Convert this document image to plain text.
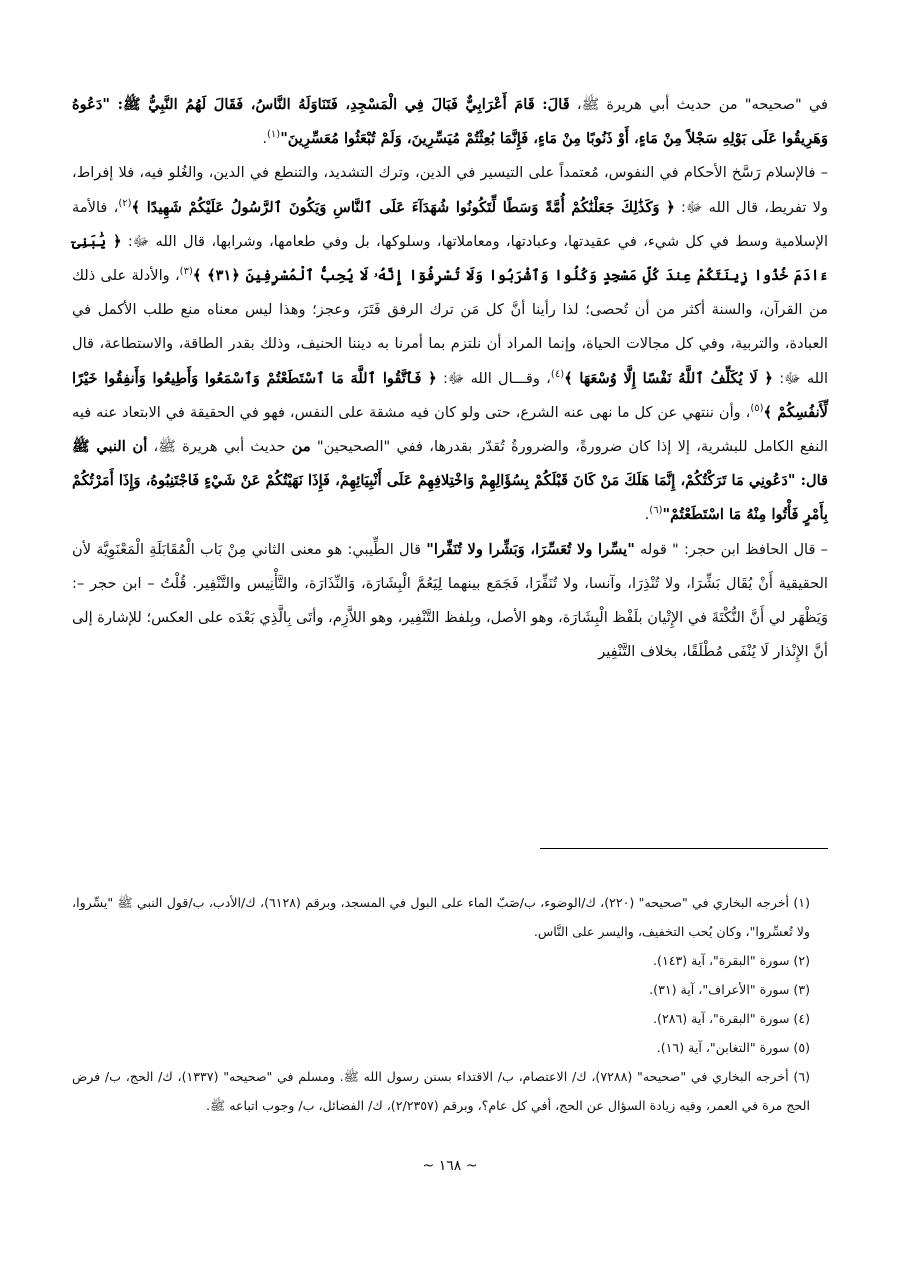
في "صحيحه" من حديث أبي هريرة ﷺ، قَالَ: قَامَ أَعْرَابِيٌّ فَبَالَ فِي الْمَسْجِدِ، فَتَنَاوَلَهُ النَّاسُ، فَقَالَ لَهُمُ النَّبِيُّ ﷺ: "دَعُوهُ وَهَرِيقُوا عَلَى بَوْلِهِ سَجْلاً مِنْ مَاءٍ، أَوْ ذَنُوبًا مِنْ مَاءٍ، فَإِنَّمَا بُعِثْتُمْ مُيَسِّرِينَ، وَلَمْ تُبْعَثُوا مُعَسِّرِينَ"$^{(١)}$.

– فالإسلام رَسَّخ الأحكام في النفوس، مُعتمداً على التيسير في الدين، وترك التشديد، والتنطع في الدين، والغُلو فيه، فلا إفراط، ولا تفريط، قال الله ﷻ: ﴿ وَكَذَٰلِكَ جَعَلْنَٰكُمْ أُمَّةً وَسَطًا لِّتَكُونُوا شُهَدَآءَ عَلَى ٱلنَّاسِ وَيَكُونَ ٱلرَّسُولُ عَلَيْكُمْ شَهِيدًا ﴾$^{(٢)}$، فالأمة الإسلامية وسط في كل شيء، في عقيدتها، وعبادتها، ومعاملاتها، وسلوكها، بل وفي طعامها، وشرابها، قال الله ﷻ: ﴿ يَٰبَنِىٓ ءَادَمَ خُذُوا زِينَتَكُمْ عِندَ كُلِّ مَسْجِدٍ وَكُلُوا وَٱشْرَبُوا وَلَا تُسْرِفُوٓا إِنَّهُۥ لَا يُحِبُّ ٱلْمُسْرِفِينَ ﴿٣١﴾ ﴾$^{(٣)}$، والأدلة على ذلك من القرآن، والسنة أكثر من أن تُحصى؛ لذا رأينا أنَّ كل مَن ترك الرفق فَتَرَ، وعجز؛ وهذا ليس معناه منع طلب الأكمل في العبادة، والتربية، وفي كل مجالات الحياة، وإنما المراد أن نلتزم بما أمرنا به ديننا الحنيف، وذلك بقدر الطاقة، والاستطاعة، قال الله ﷻ: ﴿ لَا يُكَلِّفُ ٱللَّهُ نَفْسًا إِلَّا وُسْعَهَا ﴾$^{(٤)}$، وقـــال الله ﷻ: ﴿ فَٱتَّقُوا ٱللَّهَ مَا ٱسْتَطَعْتُمْ وَٱسْمَعُوا وَأَطِيعُوا وَأَنفِقُوا خَيْرًا لِّأَنفُسِكُمْ ﴾$^{(٥)}$، وأن ننتهي عن كل ما نهى عنه الشرع، حتى ولو كان فيه مشقة على النفس، فهو في الحقيقة في الابتعاد عنه فيه النفع الكامل للبشرية، إلا إذا كان ضرورةً، والضرورةُ تُقدّر بقدرها، ففي "الصحيحين" من حديث أبي هريرة ﷺ، أن النبي ﷺ قال: "دَعُونِي مَا تَرَكْتُكُمْ، إِنَّمَا هَلَكَ مَنْ كَانَ قَبْلَكُمْ بِسُؤَالِهِمْ وَاخْتِلافِهِمْ عَلَى أَنْبِيَائِهِمْ، فَإِذَا نَهَيْتُكُمْ عَنْ شَيْءٍ فَاجْتَنِبُوهُ، وَإِذَا أَمَرْتُكُمْ بِأَمْرٍ فَأْتُوا مِنْهُ مَا اسْتَطَعْتُمْ"$^{(٦)}$.

– قال الحافظ ابن حجر: " قوله "يسِّرا ولا تُعَسِّرَا، وَبَشِّرا ولا تُنَفِّرا" قال الطِّيبي: هو معنى الثاني مِنْ بَاب الْمُقَابَلَةِ الْمَعْنَوِيَّة لأن الحقيقية أَنْ يُقَال بَشِّرَا، ولا تُنْذِرَا، وآنسا، ولا تُنَفِّرَا، فَجَمَع بينهما لِيَعُمَّ الْبِشَارَة، وَالنِّذَارَة، والتَّأْنِيس والتَّنْفِير. قُلْتُ – ابن حجر –: وَيَظْهَر لي أَنَّ النُّكْتَةَ في الإِتْيان بلَفْظ الْبِشَارَة، وهو الأصل، وبِلفظ التَّنْفِير، وهو اللاَّزِم، وأتَى بِالَّذِي بَعْدَه على العكس؛ للإشارة إلى أنَّ الإِنْذار لَا يُنْفَى مُطْلَقًا، بخلاف التَّنْفِير

(١) أخرجه البخاري في "صحيحه" (٢٢٠)، ك/الوضوء، ب/صَبّ الماء على البول في المسجد، وبرقم (٦١٢٨)، ك/الأدب، ب/قول النبي ﷺ "يسِّروا، ولا تُعسِّروا"، وكان يُحب التخفيف، واليسر على النَّاس.

(٢) سورة "البقرة"، آية (١٤٣).

(٣) سورة "الأعراف"، آية (٣١).

(٤) سورة "البقرة"، آية (٢٨٦).

(٥) سورة "التغابن"، آية (١٦).

(٦) أخرجه البخاري في "صحيحه" (٧٢٨٨)، ك/ الاعتصام، ب/ الاقتداء بسنن رسول الله ﷺ. ومسلم في "صحيحه" (١٣٣٧)، ك/ الحج، ب/ فرض الحج مرة في العمر، وفيه زيادة السؤال عن الحج، أفي كل عام؟، وبرقم (٢/٢٣٥٧)، ك/ الفضائل، ب/ وجوب اتباعه ﷺ.

~ ١٦٨ ~
